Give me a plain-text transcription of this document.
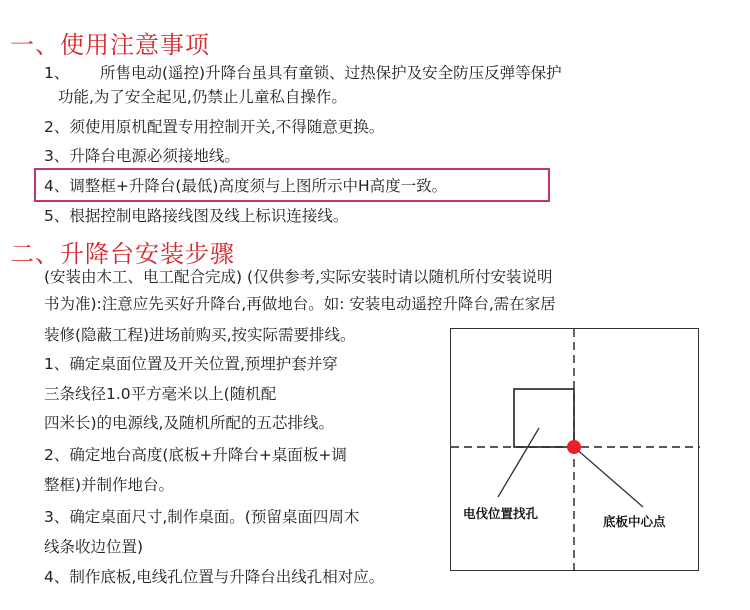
一、使用注意事项
1、 所售电动(遥控)升降台虽具有童锁、过热保护及安全防压反弹等保护
功能,为了安全起见,仍禁止儿童私自操作。
2、须使用原机配置专用控制开关,不得随意更换。
3、升降台电源必须接地线。
4、调整框+升降台(最低)高度须与上图所示中H高度一致。
5、根据控制电路接线图及线上标识连接线。
二、升降台安装步骤
(安装由木工、电工配合完成) (仅供参考,实际安装时请以随机所付安装说明
书为准):注意应先买好升降台,再做地台。如: 安装电动遥控升降台,需在家居
装修(隐蔽工程)进场前购买,按实际需要排线。
1、确定桌面位置及开关位置,预埋护套并穿
三条线径1.0平方毫米以上(随机配
四米长)的电源线,及随机所配的五芯排线。
2、确定地台高度(底板+升降台+桌面板+调
整框)并制作地台。
3、确定桌面尺寸,制作桌面。(预留桌面四周木
线条收边位置)
4、制作底板,电线孔位置与升降台出线孔相对应。
电伐位置找孔
底板中心点
